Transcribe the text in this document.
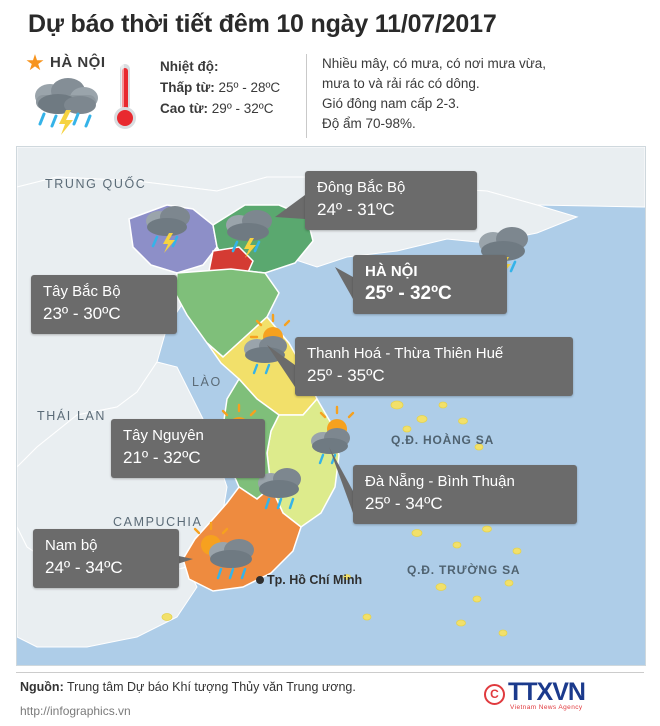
Dự báo thời tiết đêm 10 ngày 11/07/2017
★ HÀ NỘI	Nhiệt độ:
Thấp từ: 25º - 28ºC
Cao từ: 29º - 32ºC
Nhiều mây, có mưa, có nơi mưa vừa,
mưa to và rải rác có dông.
Gió đông nam cấp 2-3.
Độ ẩm 70-98%.
TRUNG QUỐC
LÀO
THÁI LAN
CAMPUCHIA
Q.Đ. HOÀNG SA
Q.Đ. TRƯỜNG SA
Tp. Hồ Chí Minh
Đông Bắc Bộ
24º - 31ºC
HÀ NỘI
25º - 32ºC
Tây Bắc Bộ
23º - 30ºC
Thanh Hoá - Thừa Thiên Huế
25º - 35ºC
Tây Nguyên
21º - 32ºC
Đà Nẵng - Bình Thuận
25º - 34ºC
Nam bộ
24º - 34ºC
Nguồn: Trung tâm Dự báo Khí tượng Thủy văn Trung ương.
http://infographics.vn
C TTXVN
Vietnam News Agency
